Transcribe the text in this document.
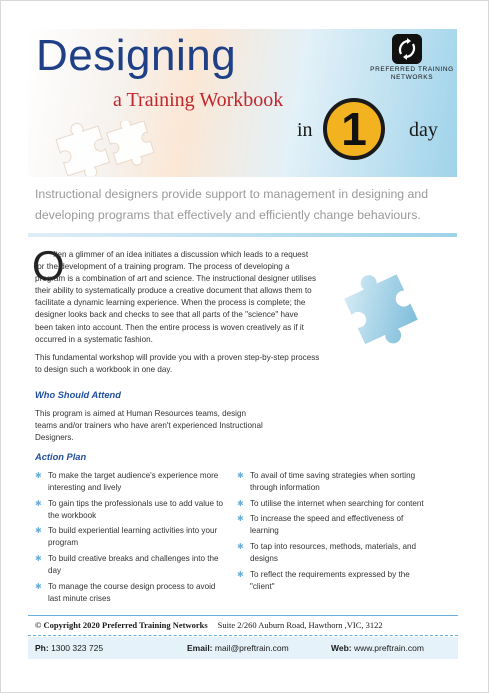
Designing
a Training Workbook
in 1 day
PREFERRED TRAINING NETWORKS
Instructional designers provide support to management in designing and developing programs that effectively and efficiently change behaviours.
O
ften a glimmer of an idea initiates a discussion which leads to a request for the development of a training program. The process of developing a program is a combination of art and science. The instructional designer utilises their ability to systematically produce a creative document that allows them to facilitate a dynamic learning experience. When the process is complete; the designer looks back and checks to see that all parts of the "science" have been taken into account. Then the entire process is woven creatively as if it occurred in a systematic fashion.
This fundamental workshop will provide you with a proven step-by-step process to design such a workbook in one day.
Who Should Attend
This program is aimed at Human Resources teams, design teams and/or trainers who have aren't experienced Instructional Designers.
Action Plan
✱ To make the target audience's experience more interesting and lively
✱ To gain tips the professionals use to add value to the workbook
✱ To build experiential learning activities into your program
✱ To build creative breaks and challenges into the day
✱ To manage the course design process to avoid last minute crises
✱ To avail of time saving strategies when sorting through information
✱ To utilise the internet when searching for content
✱ To increase the speed and effectiveness of learning
✱ To tap into resources, methods, materials, and designs
✱ To reflect the requirements expressed by the "client"
© Copyright 2020 Preferred Training Networks Suite 2/260 Auburn Road, Hawthorn ,VIC, 3122
Ph: 1300 323 725	Email: mail@preftrain.com	Web: www.preftrain.com
